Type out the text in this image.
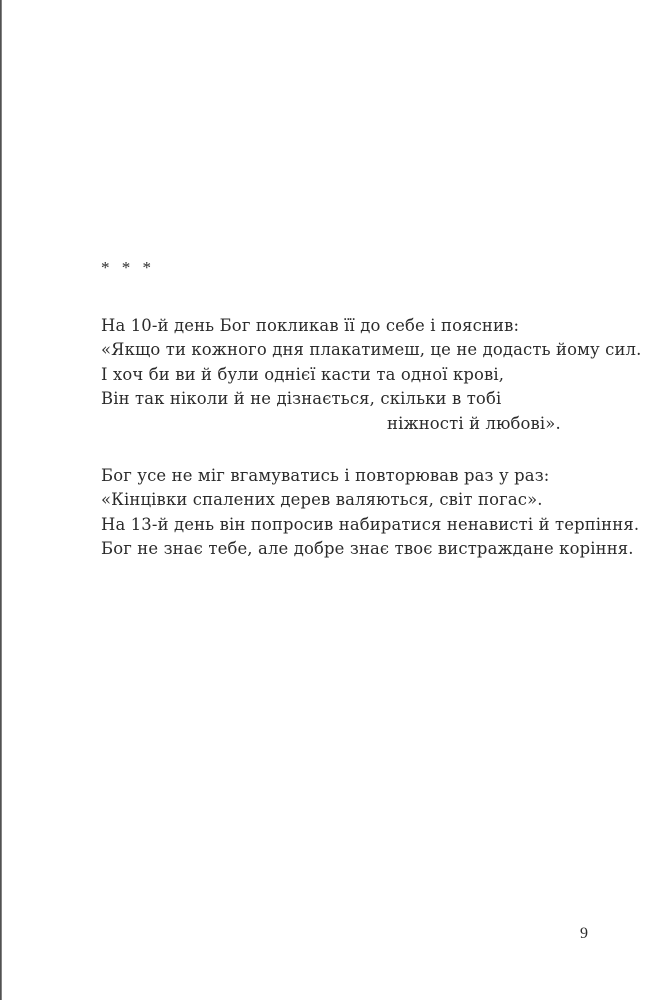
* * *

На 10-й день Бог покликав її до себе і пояснив:
«Якщо ти кожного дня плакатимеш, це не додасть йому сил.
І хоч би ви й були однієї касти та одної крові,
Він так ніколи й не дізнається, скільки в тобі
ніжності й любові».
Бог усе не міг вгамуватись і повторював раз у раз:
«Кінцівки спалених дерев валяються, світ погас».
На 13-й день він попросив набиратися ненависті й терпіння.
Бог не знає тебе, але добре знає твоє вистраждане коріння.

9
